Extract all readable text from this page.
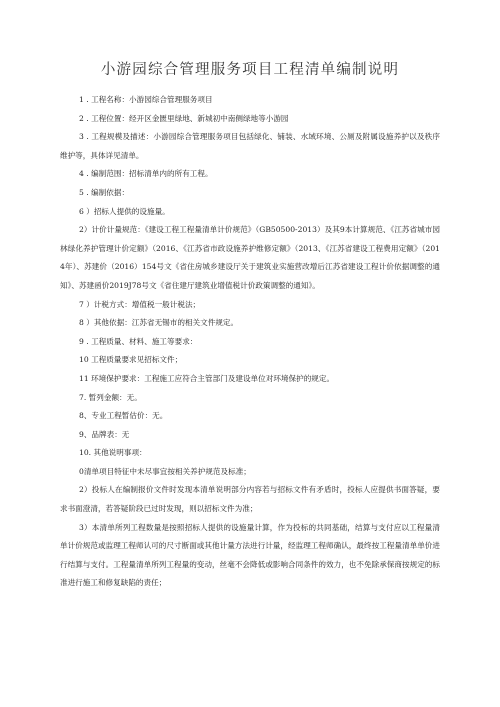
小游园综合管理服务项目工程清单编制说明

1 . 工程名称：小游园综合管理服务项目

2 . 工程位置：经开区金匮里绿地、新城初中南侧绿地等小游园

3 . 工程规模及描述：小游园综合管理服务项目包括绿化、铺装、水域环境、公厕及附属设施养护以及秩序维护等，具体详见清单。

4 . 编制范围：招标清单内的所有工程。

5 . 编制依据：

6 ）招标人提供的设施量。

2）计价计量规范：《建设工程工程量清单计价规范》（GB50500-2013）及其9本计算规范、《江苏省城市园林绿化养护管理计价定额》（2016、《江苏省市政设施养护维修定额》（2013、《江苏省建设工程费用定额》（2014年）、苏建价（2016）154号文《省住房城乡建设厅关于建筑业实施营改增后江苏省建设工程计价依据调整的通知》、苏建函价2019J78号文《省住建厅建筑业增值税计价政策调整的通知》。

7 ）计税方式：增值税一般计税法；

8 ）其他依据：江苏省无锡市的相关文件规定。

9 . 工程质量、材料、施工等要求：

10 工程质量要求见招标文件；

11 环境保护要求：工程施工应符合主管部门及建设单位对环境保护的规定。

7. 暂列金额：无。

8、专业工程暂估价：无。

9、品牌表：无

10. 其他说明事项：

0清单项目特征中未尽事宜按相关养护规范及标准；

2）投标人在编制报价文件时发现本清单说明部分内容若与招标文件有矛盾时，投标人应提供书面答疑，要求书面澄清，若答疑阶段已过时发现，则以招标文件为准；

3）本清单所列工程数量是按照招标人提供的设施量计算，作为投标的共同基础，结算与支付应以工程量清单计价规范或监理工程师认可的尺寸断面或其他计量方法进行计量，经监理工程师确认，最终按工程量清单单价进行结算与支付。工程量清单所列工程量的变动，丝毫不会降低或影响合同条件的效力，也不免除承保商按规定的标准进行施工和修复缺陷的责任；
